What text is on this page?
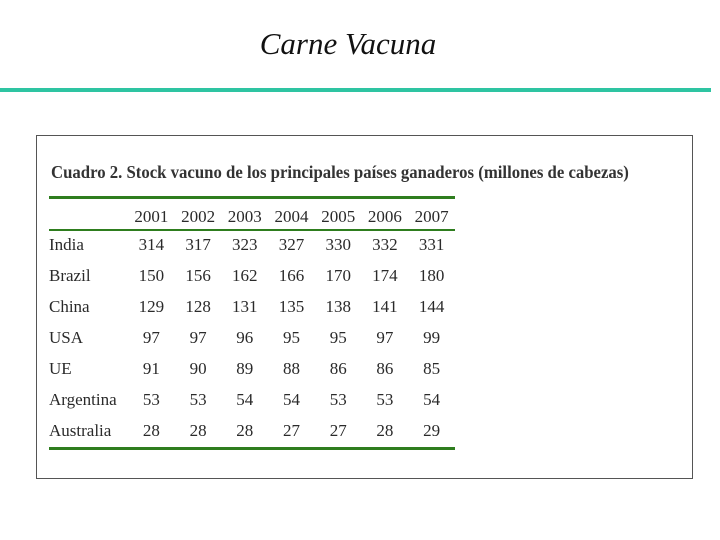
Carne Vacuna
Cuadro 2. Stock vacuno de los principales países ganaderos (millones de cabezas)
	2001	2002	2003	2004	2005	2006	2007
India	314	317	323	327	330	332	331
Brazil	150	156	162	166	170	174	180
China	129	128	131	135	138	141	144
USA	97	97	96	95	95	97	99
UE	91	90	89	88	86	86	85
Argentina	53	53	54	54	53	53	54
Australia	28	28	28	27	27	28	29
